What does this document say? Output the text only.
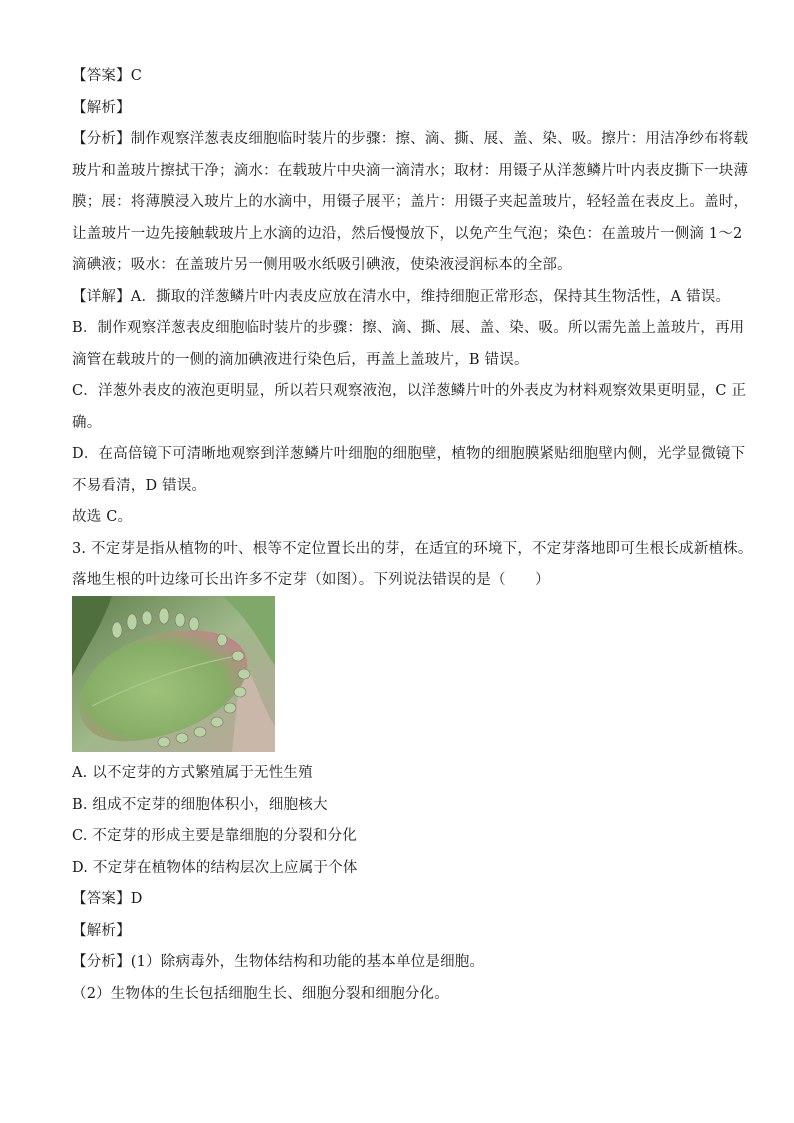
【答案】C
【解析】
【分析】制作观察洋葱表皮细胞临时装片的步骤：擦、滴、撕、展、盖、染、吸。擦片：用洁净纱布将载
玻片和盖玻片擦拭干净；滴水：在载玻片中央滴一滴清水；取材：用镊子从洋葱鳞片叶内表皮撕下一块薄
膜；展：将薄膜浸入玻片上的水滴中，用镊子展平；盖片：用镊子夹起盖玻片，轻轻盖在表皮上。盖时，
让盖玻片一边先接触载玻片上水滴的边沿，然后慢慢放下，以免产生气泡；染色：在盖玻片一侧滴 1～2
滴碘液；吸水：在盖玻片另一侧用吸水纸吸引碘液，使染液浸润标本的全部。
【详解】A．撕取的洋葱鳞片叶内表皮应放在清水中，维持细胞正常形态，保持其生物活性，A 错误。
B．制作观察洋葱表皮细胞临时装片的步骤：擦、滴、撕、展、盖、染、吸。所以需先盖上盖玻片，再用
滴管在载玻片的一侧的滴加碘液进行染色后，再盖上盖玻片，B 错误。
C．洋葱外表皮的液泡更明显，所以若只观察液泡，以洋葱鳞片叶的外表皮为材料观察效果更明显，C 正
确。
D．在高倍镜下可清晰地观察到洋葱鳞片叶细胞的细胞壁，植物的细胞膜紧贴细胞壁内侧，光学显微镜下
不易看清，D 错误。
故选 C。
3. 不定芽是指从植物的叶、根等不定位置长出的芽，在适宜的环境下，不定芽落地即可生根长成新植株。
落地生根的叶边缘可长出许多不定芽（如图）。下列说法错误的是（　　）
A. 以不定芽的方式繁殖属于无性生殖
B. 组成不定芽的细胞体积小，细胞核大
C. 不定芽的形成主要是靠细胞的分裂和分化
D. 不定芽在植物体的结构层次上应属于个体
【答案】D
【解析】
【分析】(1）除病毒外，生物体结构和功能的基本单位是细胞。
（2）生物体的生长包括细胞生长、细胞分裂和细胞分化。
